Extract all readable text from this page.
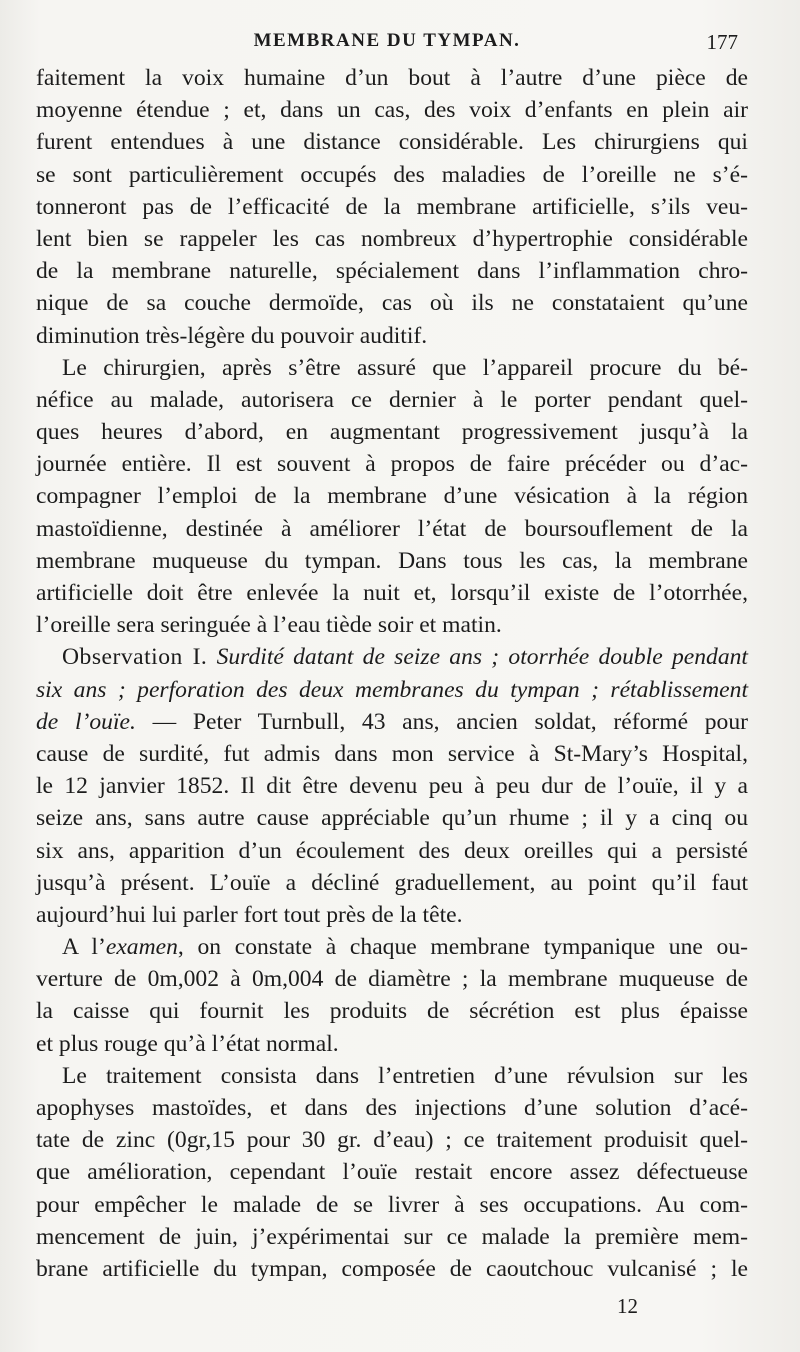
MEMBRANE DU TYMPAN.	177
faitement la voix humaine d’un bout à l’autre d’une pièce de
moyenne étendue ; et, dans un cas, des voix d’enfants en plein air
furent entendues à une distance considérable. Les chirurgiens qui
se sont particulièrement occupés des maladies de l’oreille ne s’é-
tonneront pas de l’efficacité de la membrane artificielle, s’ils veu-
lent bien se rappeler les cas nombreux d’hypertrophie considérable
de la membrane naturelle, spécialement dans l’inflammation chro-
nique de sa couche dermoïde, cas où ils ne constataient qu’une
diminution très-légère du pouvoir auditif.
Le chirurgien, après s’être assuré que l’appareil procure du bé-
néfice au malade, autorisera ce dernier à le porter pendant quel-
ques heures d’abord, en augmentant progressivement jusqu’à la
journée entière. Il est souvent à propos de faire précéder ou d’ac-
compagner l’emploi de la membrane d’une vésication à la région
mastoïdienne, destinée à améliorer l’état de boursouflement de la
membrane muqueuse du tympan. Dans tous les cas, la membrane
artificielle doit être enlevée la nuit et, lorsqu’il existe de l’otorrhée,
l’oreille sera seringuée à l’eau tiède soir et matin.
Observation I. Surdité datant de seize ans ; otorrhée double pendant
six ans ; perforation des deux membranes du tympan ; rétablissement
de l’ouïe. — Peter Turnbull, 43 ans, ancien soldat, réformé pour
cause de surdité, fut admis dans mon service à St-Mary’s Hospital,
le 12 janvier 1852. Il dit être devenu peu à peu dur de l’ouïe, il y a
seize ans, sans autre cause appréciable qu’un rhume ; il y a cinq ou
six ans, apparition d’un écoulement des deux oreilles qui a persisté
jusqu’à présent. L’ouïe a décliné graduellement, au point qu’il faut
aujourd’hui lui parler fort tout près de la tête.
A l’examen, on constate à chaque membrane tympanique une ou-
verture de 0m,002 à 0m,004 de diamètre ; la membrane muqueuse de
la caisse qui fournit les produits de sécrétion est plus épaisse
et plus rouge qu’à l’état normal.
Le traitement consista dans l’entretien d’une révulsion sur les
apophyses mastoïdes, et dans des injections d’une solution d’acé-
tate de zinc (0gr,15 pour 30 gr. d’eau) ; ce traitement produisit quel-
que amélioration, cependant l’ouïe restait encore assez défectueuse
pour empêcher le malade de se livrer à ses occupations. Au com-
mencement de juin, j’expérimentai sur ce malade la première mem-
brane artificielle du tympan, composée de caoutchouc vulcanisé ; le
12
